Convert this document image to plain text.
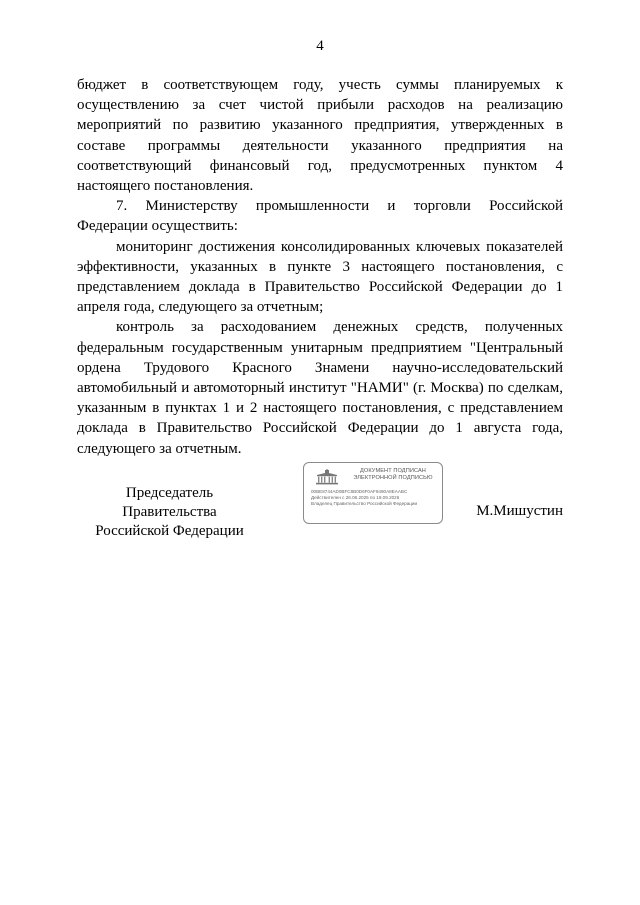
4

бюджет в соответствующем году, учесть суммы планируемых к осуществлению за счет чистой прибыли расходов на реализацию мероприятий по развитию указанного предприятия, утвержденных в составе программы деятельности указанного предприятия на соответствующий финансовый год, предусмотренных пунктом 4 настоящего постановления.

7. Министерству промышленности и торговли Российской Федерации осуществить:

мониторинг достижения консолидированных ключевых показателей эффективности, указанных в пункте 3 настоящего постановления, с представлением доклада в Правительство Российской Федерации до 1 апреля года, следующего за отчетным;

контроль за расходованием денежных средств, полученных федеральным государственным унитарным предприятием "Центральный ордена Трудового Красного Знамени научно-исследовательский автомобильный и автомоторный институт "НАМИ" (г. Москва) по сделкам, указанным в пунктах 1 и 2 настоящего постановления, с представлением доклада в Правительство Российской Федерации до 1 августа года, следующего за отчетным.

Председатель Правительства
Российской Федерации
ДОКУМЕНТ ПОДПИСАН
ЭЛЕКТРОННОЙ ПОДПИСЬЮ
00BE8744AD0BFC8B0D6F0AF9490A8EAABC
Действителен с 26.06.2025 по 19.09.2026
Владелец Правительство Российской Федерации	М.Мишустин
